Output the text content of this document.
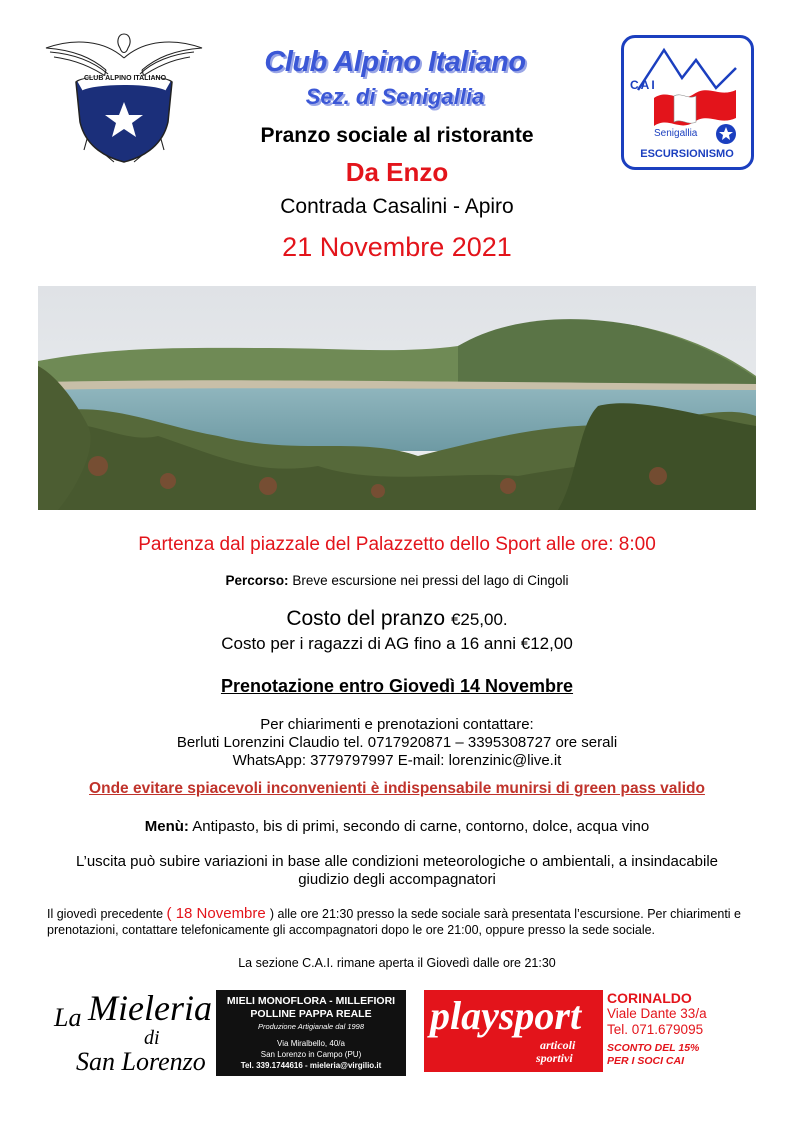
CLUB ALPINO ITALIANO
Club Alpino Italiano
Sez. di Senigallia	CAI
Senigallia
ESCURSIONISMO
Pranzo sociale al ristorante
Da Enzo
Contrada Casalini - Apiro
21 Novembre 2021
Partenza dal piazzale del Palazzetto dello Sport alle ore: 8:00
Percorso: Breve escursione nei pressi del lago di Cingoli
Costo del pranzo €25,00.
Costo per i ragazzi di AG fino a 16 anni €12,00
Prenotazione entro Giovedì 14 Novembre
Per chiarimenti e prenotazioni contattare:
Berluti Lorenzini Claudio tel. 0717920871 – 3395308727 ore serali
WhatsApp: 3779797997 E-mail: lorenzinic@live.it
Onde evitare spiacevoli inconvenienti è indispensabile munirsi di green pass valido
Menù: Antipasto, bis di primi, secondo di carne, contorno, dolce, acqua vino
L’uscita può subire variazioni in base alle condizioni meteorologiche o ambientali, a insindacabile giudizio degli accompagnatori
Il giovedì precedente ( 18 Novembre ) alle ore 21:30 presso la sede sociale sarà presentata l’escursione. Per chiarimenti e prenotazioni, contattare telefonicamente gli accompagnatori dopo le ore 21:00, oppure presso la sede sociale.
La sezione C.A.I. rimane aperta il Giovedì dalle ore 21:30
La Mieleria
di
San Lorenzo
MIELI MONOFLORA - MILLEFIORI
POLLINE PAPPA REALE
Produzione Artigianale dal 1998
Via Miralbello, 40/a
San Lorenzo in Campo (PU)
Tel. 339.1744616 - mieleria@virgilio.it
playsport
articoli
sportivi
CORINALDO
Viale Dante 33/a
Tel. 071.679095
SCONTO DEL 15%
PER I SOCI CAI
